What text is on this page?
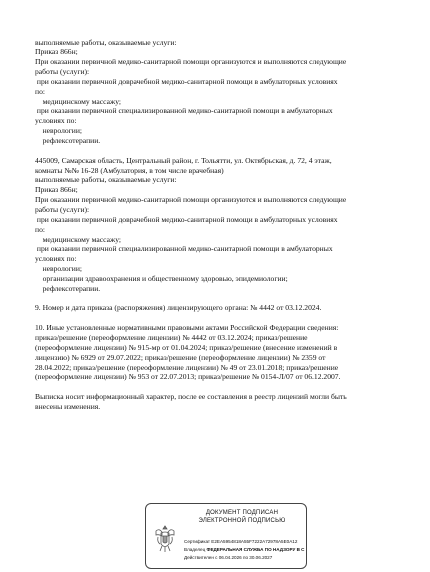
выполняемые работы, оказываемые услуги:
Приказ 866н;
При оказании первичной медико-санитарной помощи организуются и выполняются следующие
работы (услуги):
при оказании первичной доврачебной медико-санитарной помощи в амбулаторных условиях
по:
медицинскому массажу;
при оказании первичной специализированной медико-санитарной помощи в амбулаторных
условиях по:
неврологии;
рефлексотерапии.
445009, Самарская область, Центральный район, г. Тольятти, ул. Октябрьская, д. 72, 4 этаж,
комнаты №№ 16-28 (Амбулатория, в том числе врачебная)
выполняемые работы, оказываемые услуги:
Приказ 866н;
При оказании первичной медико-санитарной помощи организуются и выполняются следующие
работы (услуги):
при оказании первичной доврачебной медико-санитарной помощи в амбулаторных условиях
по:
медицинскому массажу;
при оказании первичной специализированной медико-санитарной помощи в амбулаторных
условиях по:
неврологии;
организации здравоохранения и общественному здоровью, эпидемиологии;
рефлексотерапии.
9. Номер и дата приказа (распоряжения) лицензирующего органа: № 4442 от 03.12.2024.
10. Иные установленные нормативными правовыми актами Российской Федерации сведения:
приказ/решение (переоформление лицензии) № 4442 от 03.12.2024; приказ/решение
(переоформление лицензии) № 915-мр от 01.04.2024; приказ/решение (внесение изменений в
лицензию) № 6929 от 29.07.2022; приказ/решение (переоформление лицензии) № 2359 от
28.04.2022; приказ/решение (переоформление лицензии) № 49 от 23.01.2018; приказ/решение
(переоформление лицензии) № 953 от 22.07.2013; приказ/решение № 0154-Л/07 от 06.12.2007.
Выписка носит информационный характер, после ее составления в реестр лицензий могли быть
внесены изменения.
ДОКУМЕНТ ПОДПИСАН
ЭЛЕКТРОННОЙ ПОДПИСЬЮ
Сертификат E2EA5954818A55F7222A72978A5E0A12
Владелец ФЕДЕРАЛЬНАЯ СЛУЖБА ПО НАДЗОРУ В С
Действителен с 06.04.2026 по 30.06.2027
